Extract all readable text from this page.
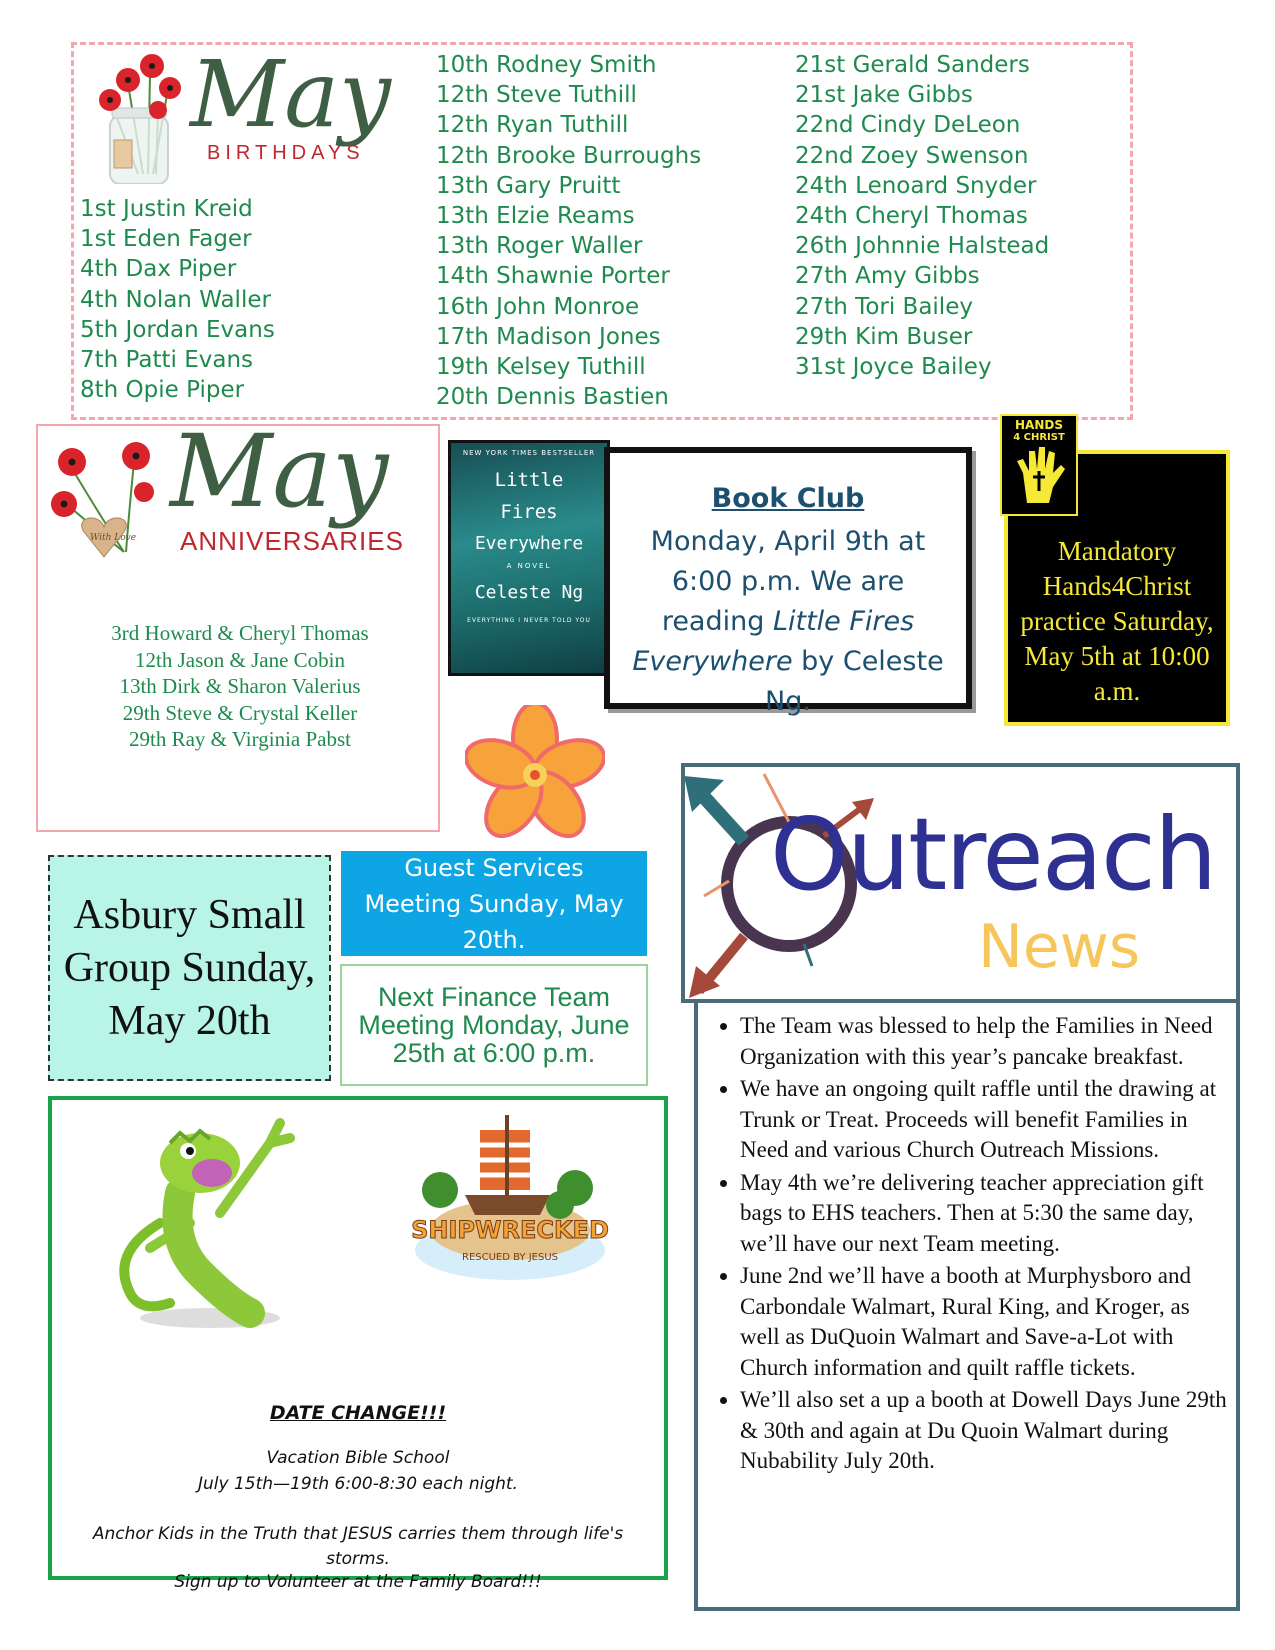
May
BIRTHDAYS
1st Justin Kreid
1st Eden Fager
4th Dax Piper
4th Nolan Waller
5th Jordan Evans
7th Patti Evans
8th Opie Piper
10th Rodney Smith
12th Steve Tuthill
12th Ryan Tuthill
12th Brooke Burroughs
13th Gary Pruitt
13th Elzie Reams
13th Roger Waller
14th Shawnie Porter
16th John Monroe
17th Madison Jones
19th Kelsey Tuthill
20th Dennis Bastien
21st Gerald Sanders
21st Jake Gibbs
22nd Cindy DeLeon
22nd Zoey Swenson
24th Lenoard Snyder
24th Cheryl Thomas
26th Johnnie Halstead
27th Amy Gibbs
27th Tori Bailey
29th Kim Buser
31st Joyce Bailey
With Love
May
ANNIVERSARIES
3rd Howard & Cheryl Thomas
12th Jason & Jane Cobin
13th Dirk & Sharon Valerius
29th Steve & Crystal Keller
29th Ray & Virginia Pabst
NEW YORK TIMES BESTSELLER
Little
Fires
Everywhere
A NOVEL
Celeste Ng
EVERYTHING I NEVER TOLD YOU
Book Club
Monday, April 9th at 6:00 p.m. We are reading Little Fires Everywhere by Celeste Ng.
Mandatory Hands4Christ practice Saturday, May 5th at 10:00 a.m.
HANDS
4 CHRIST
Asbury Small Group Sunday, May 20th
Guest Services Meeting Sunday, May 20th.
Next Finance Team Meeting Monday, June 25th at 6:00 p.m.
SHIPWRECKED
RESCUED BY JESUS
DATE CHANGE!!!
Vacation Bible School
July 15th—19th 6:00-8:30 each night.
Anchor Kids in the Truth that JESUS carries them through life's storms.
Sign up to Volunteer at the Family Board!!!
Outreach
News
• The Team was blessed to help the Families in Need Organization with this year’s pancake breakfast.
• We have an ongoing quilt raffle until the drawing at Trunk or Treat. Proceeds will benefit Families in Need and various Church Outreach Missions.
• May 4th we’re delivering teacher appreciation gift bags to EHS teachers. Then at 5:30 the same day, we’ll have our next Team meeting.
• June 2nd we’ll have a booth at Murphysboro and Carbondale Walmart, Rural King, and Kroger, as well as DuQuoin Walmart and Save-a-Lot with Church information and quilt raffle tickets.
• We’ll also set a up a booth at Dowell Days June 29th & 30th and again at Du Quoin Walmart during Nubability July 20th.
